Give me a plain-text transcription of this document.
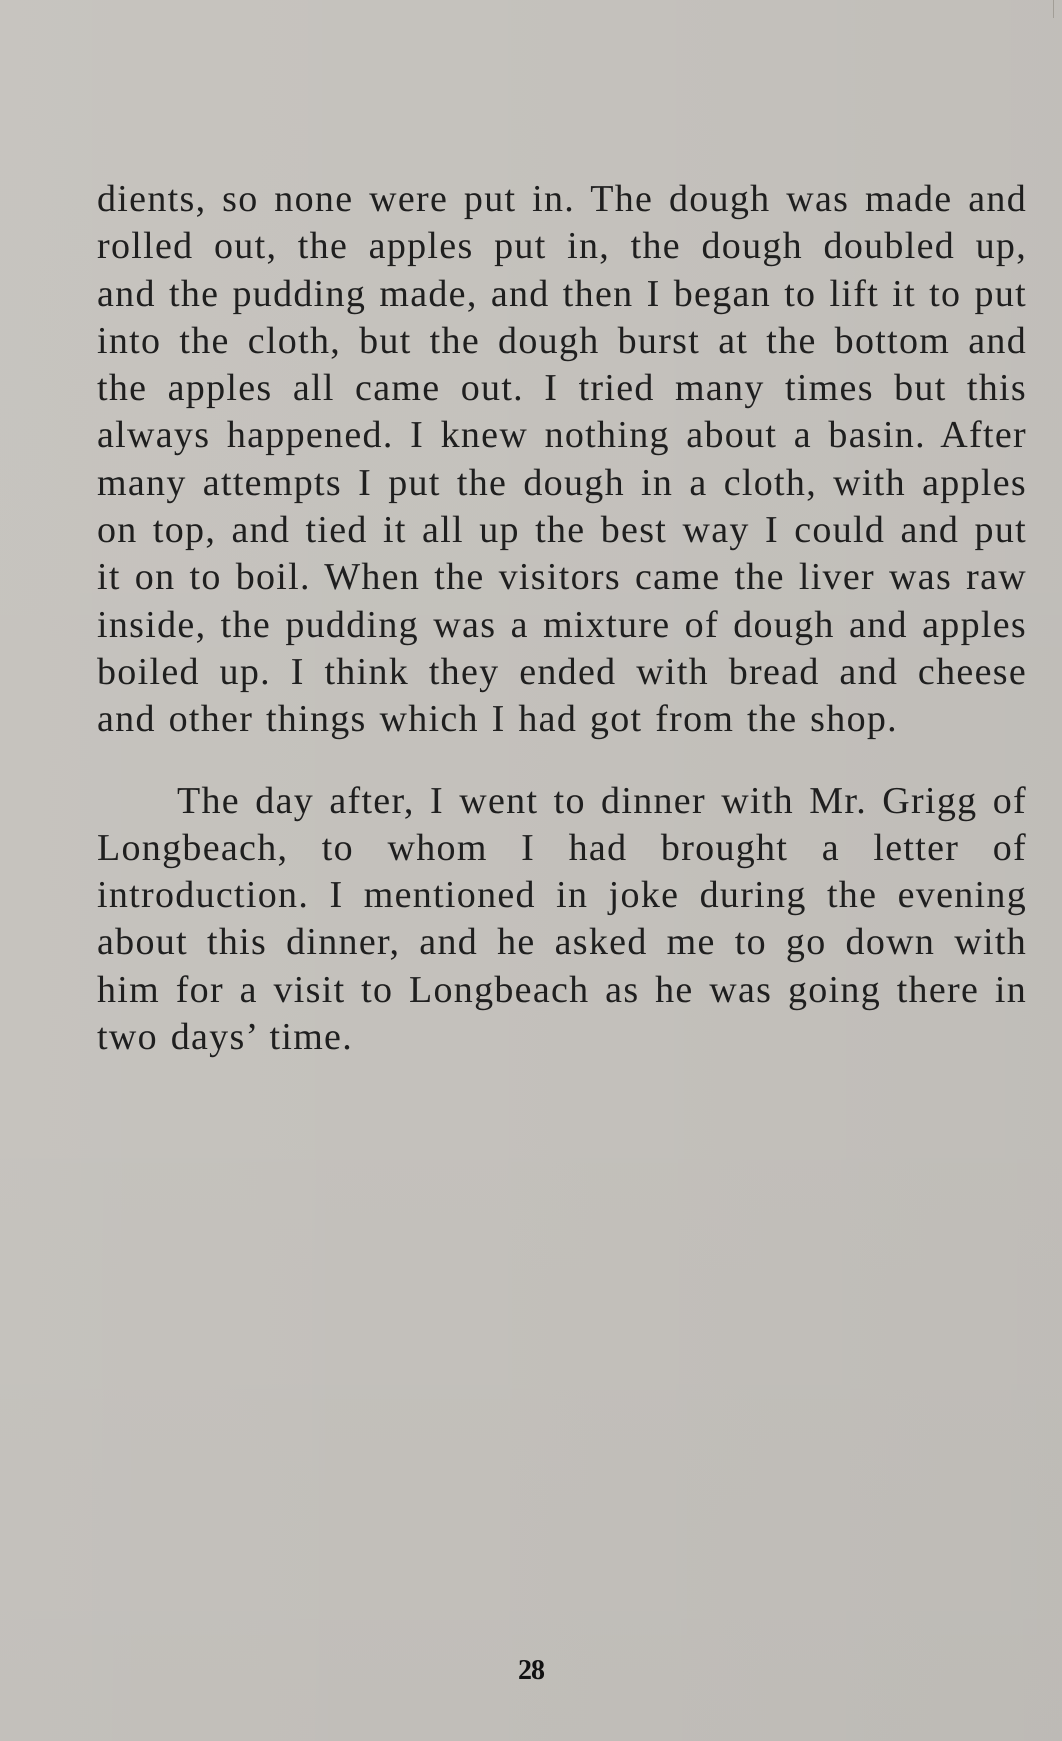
dients, so none were put in. The dough was made and rolled out, the apples put in, the dough doubled up, and the pudding made, and then I began to lift it to put into the cloth, but the dough burst at the bottom and the apples all came out. I tried many times but this always happened. I knew nothing about a basin. After many attempts I put the dough in a cloth, with apples on top, and tied it all up the best way I could and put it on to boil. When the visitors came the liver was raw inside, the pudding was a mixture of dough and apples boiled up. I think they ended with bread and cheese and other things which I had got from the shop.

The day after, I went to dinner with Mr. Grigg of Longbeach, to whom I had brought a letter of introduction. I mentioned in joke during the evening about this dinner, and he asked me to go down with him for a visit to Longbeach as he was going there in two days’ time.

28
